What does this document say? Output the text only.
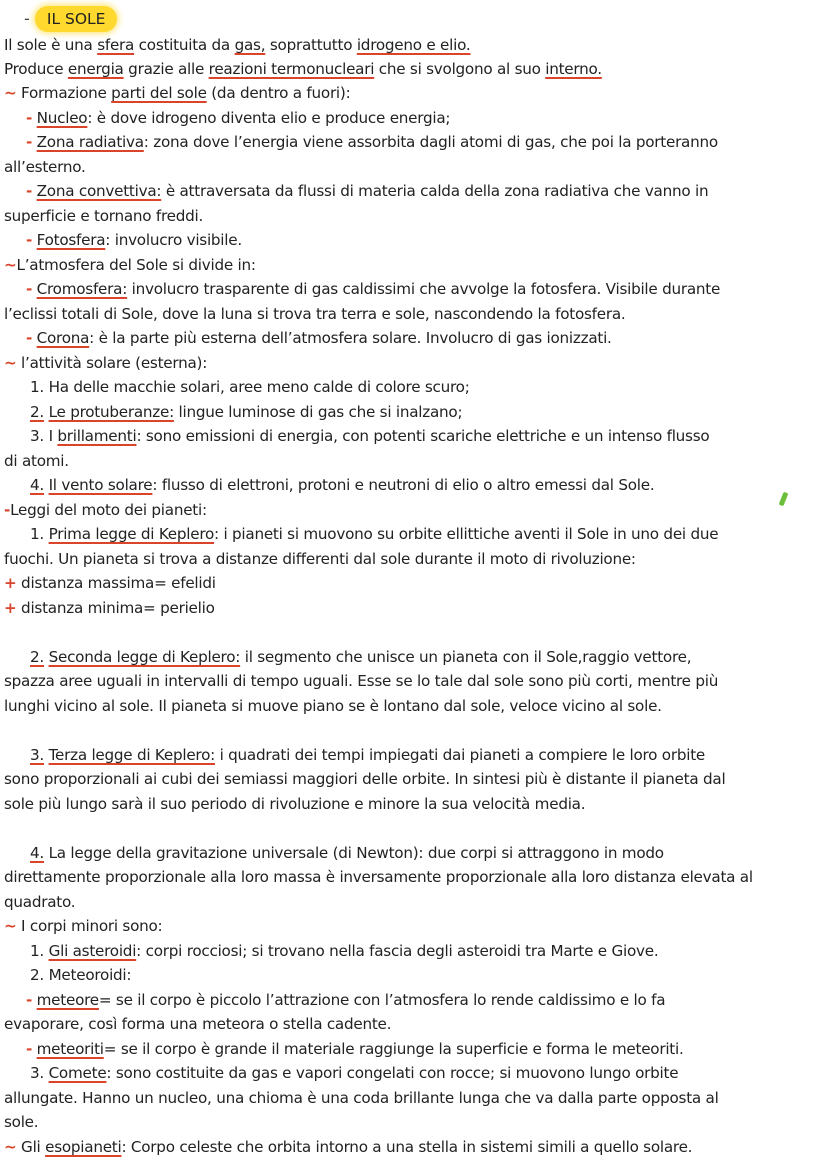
- IL SOLE
Il sole è una sfera costituita da gas, soprattutto idrogeno e elio.
Produce energia grazie alle reazioni termonucleari che si svolgono al suo interno.
~ Formazione parti del sole (da dentro a fuori):
- Nucleo: è dove idrogeno diventa elio e produce energia;
- Zona radiativa: zona dove l’energia viene assorbita dagli atomi di gas, che poi la porteranno
all’esterno.
- Zona convettiva: è attraversata da flussi di materia calda della zona radiativa che vanno in
superficie e tornano freddi.
- Fotosfera: involucro visibile.
~L’atmosfera del Sole si divide in:
- Cromosfera: involucro trasparente di gas caldissimi che avvolge la fotosfera. Visibile durante
l’eclissi totali di Sole, dove la luna si trova tra terra e sole, nascondendo la fotosfera.
- Corona: è la parte più esterna dell’atmosfera solare. Involucro di gas ionizzati.
~ l’attività solare (esterna):
1. Ha delle macchie solari, aree meno calde di colore scuro;
2. Le protuberanze: lingue luminose di gas che si inalzano;
3. I brillamenti: sono emissioni di energia, con potenti scariche elettriche e un intenso flusso
di atomi.
4. Il vento solare: flusso di elettroni, protoni e neutroni di elio o altro emessi dal Sole.
-Leggi del moto dei pianeti:
1. Prima legge di Keplero: i pianeti si muovono su orbite ellittiche aventi il Sole in uno dei due
fuochi. Un pianeta si trova a distanze differenti dal sole durante il moto di rivoluzione:
+ distanza massima= efelidi
+ distanza minima= perielio
2. Seconda legge di Keplero: il segmento che unisce un pianeta con il Sole,raggio vettore,
spazza aree uguali in intervalli di tempo uguali. Esse se lo tale dal sole sono più corti, mentre più
lunghi vicino al sole. Il pianeta si muove piano se è lontano dal sole, veloce vicino al sole.
3. Terza legge di Keplero: i quadrati dei tempi impiegati dai pianeti a compiere le loro orbite
sono proporzionali ai cubi dei semiassi maggiori delle orbite. In sintesi più è distante il pianeta dal
sole più lungo sarà il suo periodo di rivoluzione e minore la sua velocità media.
4. La legge della gravitazione universale (di Newton): due corpi si attraggono in modo
direttamente proporzionale alla loro massa è inversamente proporzionale alla loro distanza elevata al
quadrato.
~ I corpi minori sono:
1. Gli asteroidi: corpi rocciosi; si trovano nella fascia degli asteroidi tra Marte e Giove.
2. Meteoroidi:
- meteore= se il corpo è piccolo l’attrazione con l’atmosfera lo rende caldissimo e lo fa
evaporare, così forma una meteora o stella cadente.
- meteoriti= se il corpo è grande il materiale raggiunge la superficie e forma le meteoriti.
3. Comete: sono costituite da gas e vapori congelati con rocce; si muovono lungo orbite
allungate. Hanno un nucleo, una chioma è una coda brillante lunga che va dalla parte opposta al
sole.
~ Gli esopianeti: Corpo celeste che orbita intorno a una stella in sistemi simili a quello solare.
